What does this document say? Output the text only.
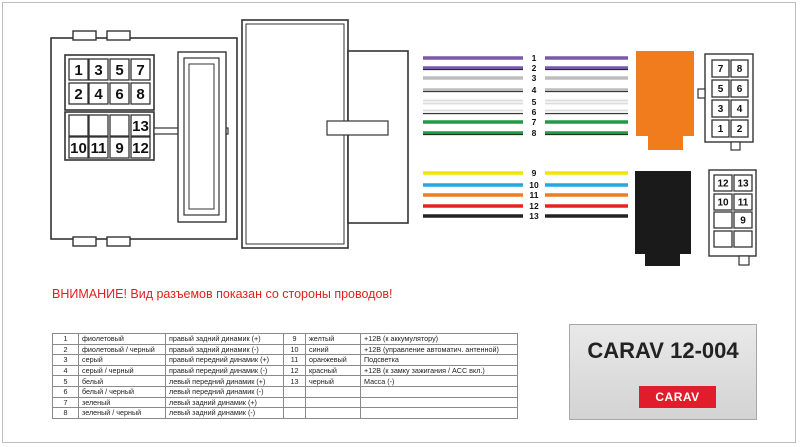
1 3 5 7
2 4 6 8
13
10 11 9 12
1
2
3
4
5
6
7
8
9
10
11
12
13
7 8
5 6
3 4
1 2
12 13
10 11
9
ВНИМАНИЕ! Вид разъемов показан со стороны проводов!
1	фиолетовый	правый задний динамик (+)	9	желтый	+12В (к аккумулятору)
2	фиолетовый / черный	правый задний динамик (-)	10	синий	+12В (управление автоматич. антенной)
3	серый	правый передний динамик (+)	11	оранжевый	Подсветка
4	серый / черный	правый передний динамик (-)	12	красный	+12В (к замку зажигания / ACC вкл.)
5	белый	левый передний динамик (+)	13	черный	Масса (-)
6	белый / черный	левый передний динамик (-)			
7	зеленый	левый задний динамик (+)			
8	зеленый / черный	левый задний динамик (-)			
CARAV 12-004
CARAV
